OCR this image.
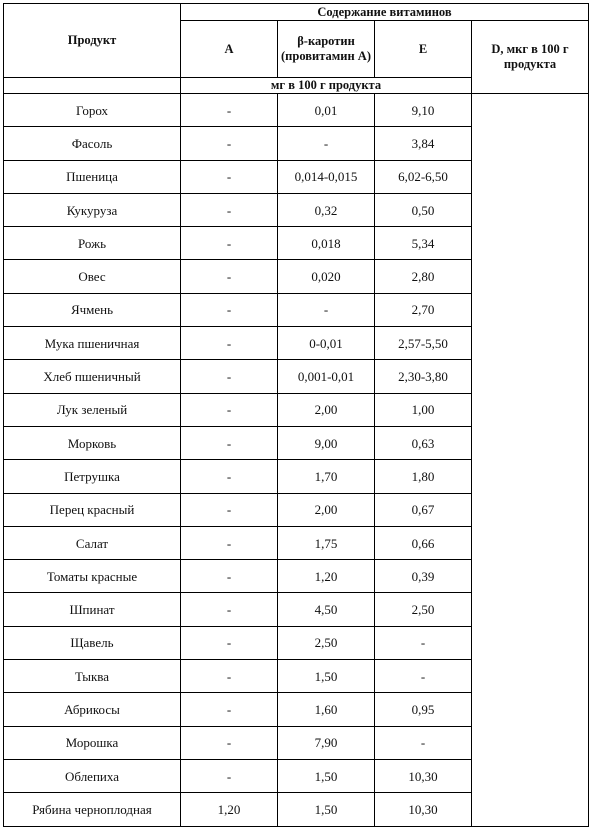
Продукт	Содержание витаминов			
	А	β-каротин (провитамин А)	Е	D, мкг в 100 г продукта
	мг в 100 г продукта			
Горох	-	0,01	9,10	
Фасоль	-	-	3,84	
Пшеница	-	0,014-0,015	6,02-6,50	
Кукуруза	-	0,32	0,50	
Рожь	-	0,018	5,34	
Овес	-	0,020	2,80	
Ячмень	-	-	2,70	
Мука пшеничная	-	0-0,01	2,57-5,50	
Хлеб пшеничный	-	0,001-0,01	2,30-3,80	
Лук зеленый	-	2,00	1,00	
Морковь	-	9,00	0,63	
Петрушка	-	1,70	1,80	
Перец красный	-	2,00	0,67	
Салат	-	1,75	0,66	
Томаты красные	-	1,20	0,39	
Шпинат	-	4,50	2,50	
Щавель	-	2,50	-	
Тыква	-	1,50	-	
Абрикосы	-	1,60	0,95	
Морошка	-	7,90	-	
Облепиха	-	1,50	10,30	
Рябина черноплодная	1,20	1,50	10,30	
